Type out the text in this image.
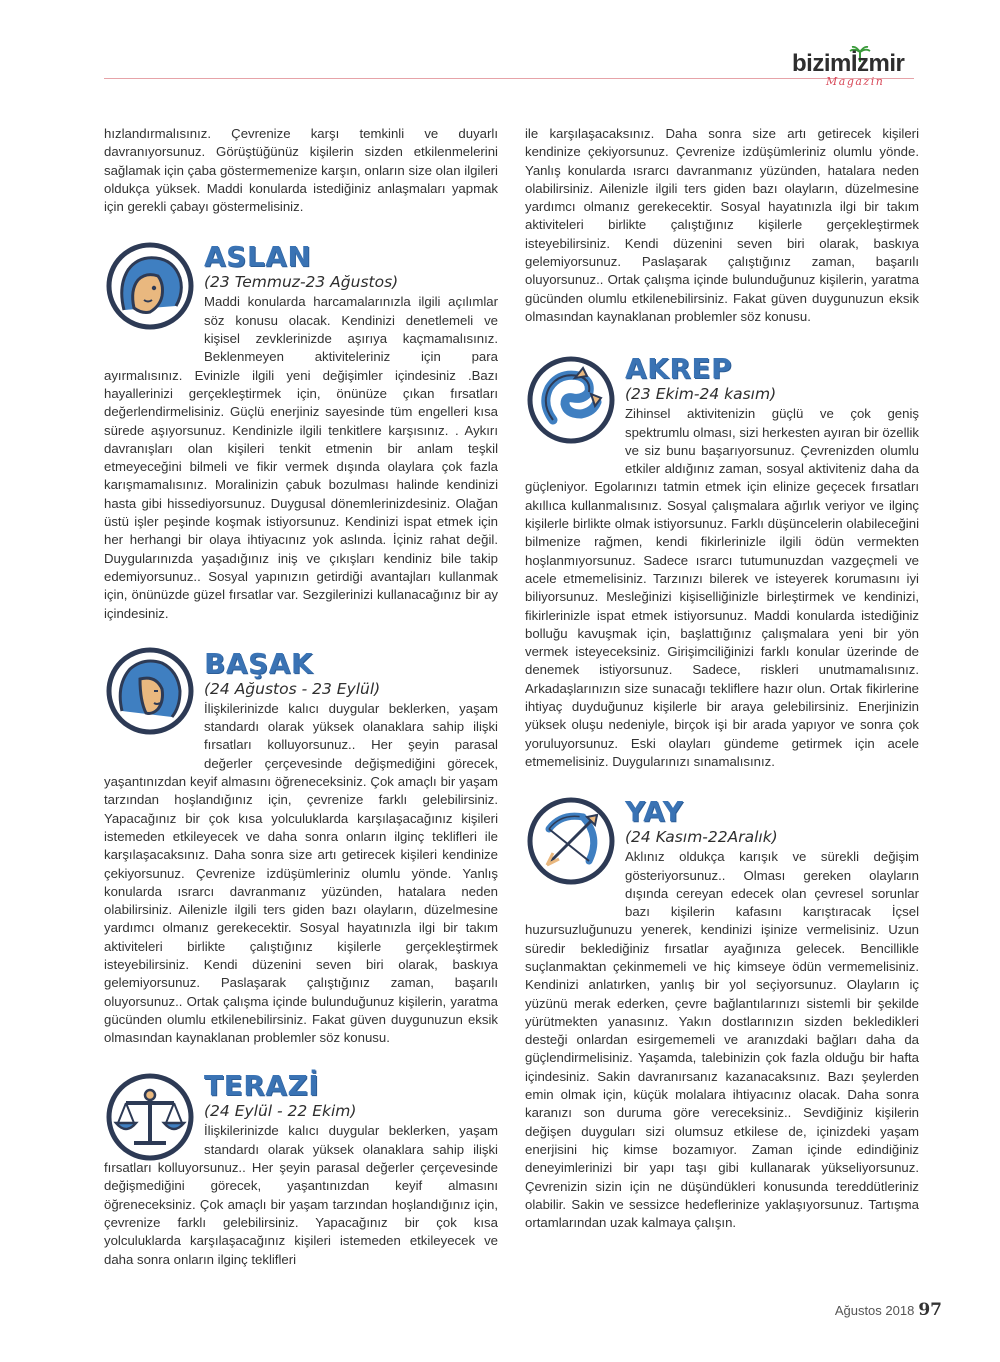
bizimİzmir
Magazin

hızlandırmalısınız. Çevrenize karşı temkinli ve duyarlı davranıyorsunuz. Görüştüğünüz kişilerin sizden etkilenmelerini sağlamak için çaba göstermemenize karşın, onların size olan ilgileri oldukça yüksek. Maddi konularda istediğiniz anlaşmaları yapmak için gerekli çabayı göstermelisiniz.

ASLAN
(23 Temmuz-23 Ağustos)

Maddi konularda harcamalarınızla ilgili açılımlar söz konusu olacak. Kendinizi denetlemeli ve kişisel zevklerinizde aşırıya kaçmamalısınız. Beklenmeyen aktiviteleriniz için para ayırmalısınız. Evinizle ilgili yeni değişimler içindesiniz .Bazı hayallerinizi gerçekleştirmek için, önünüze çıkan fırsatları değerlendirmelisiniz. Güçlü enerjiniz sayesinde tüm engelleri kısa sürede aşıyorsunuz. Kendinizle ilgili tenkitlere karşısınız. . Aykırı davranışları olan kişileri tenkit etmenin bir anlam teşkil etmeyeceğini bilmeli ve fikir vermek dışında olaylara çok fazla karışmamalısınız. Moralinizin çabuk bozulması halinde kendinizi hasta gibi hissediyorsunuz. Duygusal dönemlerinizdesiniz. Olağan üstü işler peşinde koşmak istiyorsunuz. Kendinizi ispat etmek için her herhangi bir olaya ihtiyacınız yok aslında. İçiniz rahat değil. Duygularınızda yaşadığınız iniş ve çıkışları kendiniz bile takip edemiyorsunuz.. Sosyal yapınızın getirdiği avantajları kullanmak için, önünüzde güzel fırsatlar var. Sezgilerinizi kullanacağınız bir ay içindesiniz.

BAŞAK
(24 Ağustos - 23 Eylül)

İlişkilerinizde kalıcı duygular beklerken, yaşam standardı olarak yüksek olanaklara sahip ilişki fırsatları kolluyorsunuz.. Her şeyin parasal değerler çerçevesinde değişmediğini görecek, yaşantınızdan keyif almasını öğreneceksiniz. Çok amaçlı bir yaşam tarzından hoşlandığınız için, çevrenize farklı gelebilirsiniz. Yapacağınız bir çok kısa yolculuklarda karşılaşacağınız kişileri istemeden etkileyecek ve daha sonra onların ilginç teklifleri ile karşılaşacaksınız. Daha sonra size artı getirecek kişileri kendinize çekiyorsunuz. Çevrenize izdüşümleriniz olumlu yönde. Yanlış konularda ısrarcı davranmanız yüzünden, hatalara neden olabilirsiniz. Ailenizle ilgili ters giden bazı olayların, düzelmesine yardımcı olmanız gerekecektir. Sosyal hayatınızla ilgi bir takım aktiviteleri birlikte çalıştığınız kişilerle gerçekleştirmek isteyebilirsiniz. Kendi düzenini seven biri olarak, baskıya gelemiyorsunuz. Paslaşarak çalıştığınız zaman, başarılı oluyorsunuz.. Ortak çalışma içinde bulunduğunuz kişilerin, yaratma gücünden olumlu etkilenebilirsiniz. Fakat güven duygunuzun eksik olmasından kaynaklanan problemler söz konusu.

TERAZİ
(24 Eylül - 22 Ekim)

İlişkilerinizde kalıcı duygular beklerken, yaşam standardı olarak yüksek olanaklara sahip ilişki fırsatları kolluyorsunuz.. Her şeyin parasal değerler çerçevesinde değişmediğini görecek, yaşantınızdan keyif almasını öğreneceksiniz. Çok amaçlı bir yaşam tarzından hoşlandığınız için, çevrenize farklı gelebilirsiniz. Yapacağınız bir çok kısa yolculuklarda karşılaşacağınız kişileri istemeden etkileyecek ve daha sonra onların ilginç teklifleri

ile karşılaşacaksınız. Daha sonra size artı getirecek kişileri kendinize çekiyorsunuz. Çevrenize izdüşümleriniz olumlu yönde. Yanlış konularda ısrarcı davranmanız yüzünden, hatalara neden olabilirsiniz. Ailenizle ilgili ters giden bazı olayların, düzelmesine yardımcı olmanız gerekecektir. Sosyal hayatınızla ilgi bir takım aktiviteleri birlikte çalıştığınız kişilerle gerçekleştirmek isteyebilirsiniz. Kendi düzenini seven biri olarak, baskıya gelemiyorsunuz. Paslaşarak çalıştığınız zaman, başarılı oluyorsunuz.. Ortak çalışma içinde bulunduğunuz kişilerin, yaratma gücünden olumlu etkilenebilirsiniz. Fakat güven duygunuzun eksik olmasından kaynaklanan problemler söz konusu.

AKREP
(23 Ekim-24 kasım)

Zihinsel aktivitenizin güçlü ve çok geniş spektrumlu olması, sizi herkesten ayıran bir özellik ve siz bunu başarıyorsunuz. Çevrenizden olumlu etkiler aldığınız zaman, sosyal aktiviteniz daha da güçleniyor. Egolarınızı tatmin etmek için elinize geçecek fırsatları akıllıca kullanmalısınız. Sosyal çalışmalara ağırlık veriyor ve ilginç kişilerle birlikte olmak istiyorsunuz. Farklı düşüncelerin olabileceğini bilmenize rağmen, kendi fikirlerinizle ilgili ödün vermekten hoşlanmıyorsunuz. Sadece ısrarcı tutumunuzdan vazgeçmeli ve acele etmemelisiniz. Tarzınızı bilerek ve isteyerek korumasını iyi biliyorsunuz. Mesleğinizi kişiselliğinizle birleştirmek ve kendinizi, fikirlerinizle ispat etmek istiyorsunuz. Maddi konularda istediğiniz bolluğu kavuşmak için, başlattığınız çalışmalara yeni bir yön vermek isteyeceksiniz. Girişimciliğinizi farklı konular üzerinde de denemek istiyorsunuz. Sadece, riskleri unutmamalısınız. Arkadaşlarınızın size sunacağı tekliflere hazır olun. Ortak fikirlerine ihtiyaç duyduğunuz kişilerle bir araya gelebilirsiniz. Enerjinizin yüksek oluşu nedeniyle, birçok işi bir arada yapıyor ve sonra çok yoruluyorsunuz. Eski olayları gündeme getirmek için acele etmemelisiniz. Duygularınızı sınamalısınız.

YAY
(24 Kasım-22Aralık)

Aklınız oldukça karışık ve sürekli değişim gösteriyorsunuz.. Olması gereken olayların dışında cereyan edecek olan çevresel sorunlar bazı kişilerin kafasını karıştıracak İçsel huzursuzluğunuzu yenerek, kendinizi işinize vermelisiniz. Uzun süredir beklediğiniz fırsatlar ayağınıza gelecek. Bencillikle suçlanmaktan çekinmemeli ve hiç kimseye ödün vermemelisiniz. Kendinizi anlatırken, yanlış bir yol seçiyorsunuz. Olayların iç yüzünü merak ederken, çevre bağlantılarınızı sistemli bir şekilde yürütmekten yanasınız. Yakın dostlarınızın sizden bekledikleri desteği onlardan esirgememeli ve aranızdaki bağları daha da güçlendirmelisiniz. Yaşamda, talebinizin çok fazla olduğu bir hafta içindesiniz. Sakin davranırsanız kazanacaksınız. Bazı şeylerden emin olmak için, küçük molalara ihtiyacınız olacak. Daha sonra karanızı son duruma göre vereceksiniz.. Sevdiğiniz kişilerin değişen duyguları sizi olumsuz etkilese de, içinizdeki yaşam enerjisini hiç kimse bozamıyor. Zaman içinde edindiğiniz deneyimlerinizi bir yapı taşı gibi kullanarak yükseliyorsunuz. Çevrenizin sizin için ne düşündükleri konusunda tereddütleriniz olabilir. Sakin ve sessizce hedeflerinize yaklaşıyorsunuz. Tartışma ortamlarından uzak kalmaya çalışın.

Ağustos 2018 97
